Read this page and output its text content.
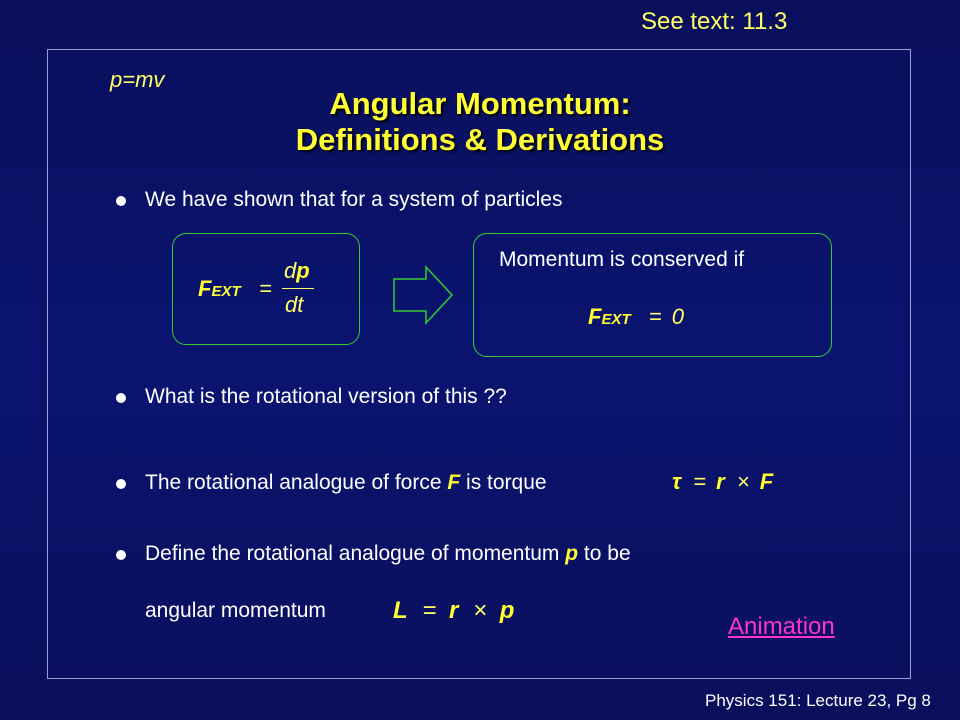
See text: 11.3
p=mv
Angular Momentum:
Definitions & Derivations
We have shown that for a system of particles
FEXT =
dp
dt
Momentum is conserved if
FEXT = 0
What is the rotational version of this ??
The rotational analogue of force F is torque	τ = r × F
Define the rotational analogue of momentum p to be
angular momentum	L = r × p
Animation
Physics 151: Lecture 23, Pg 8
